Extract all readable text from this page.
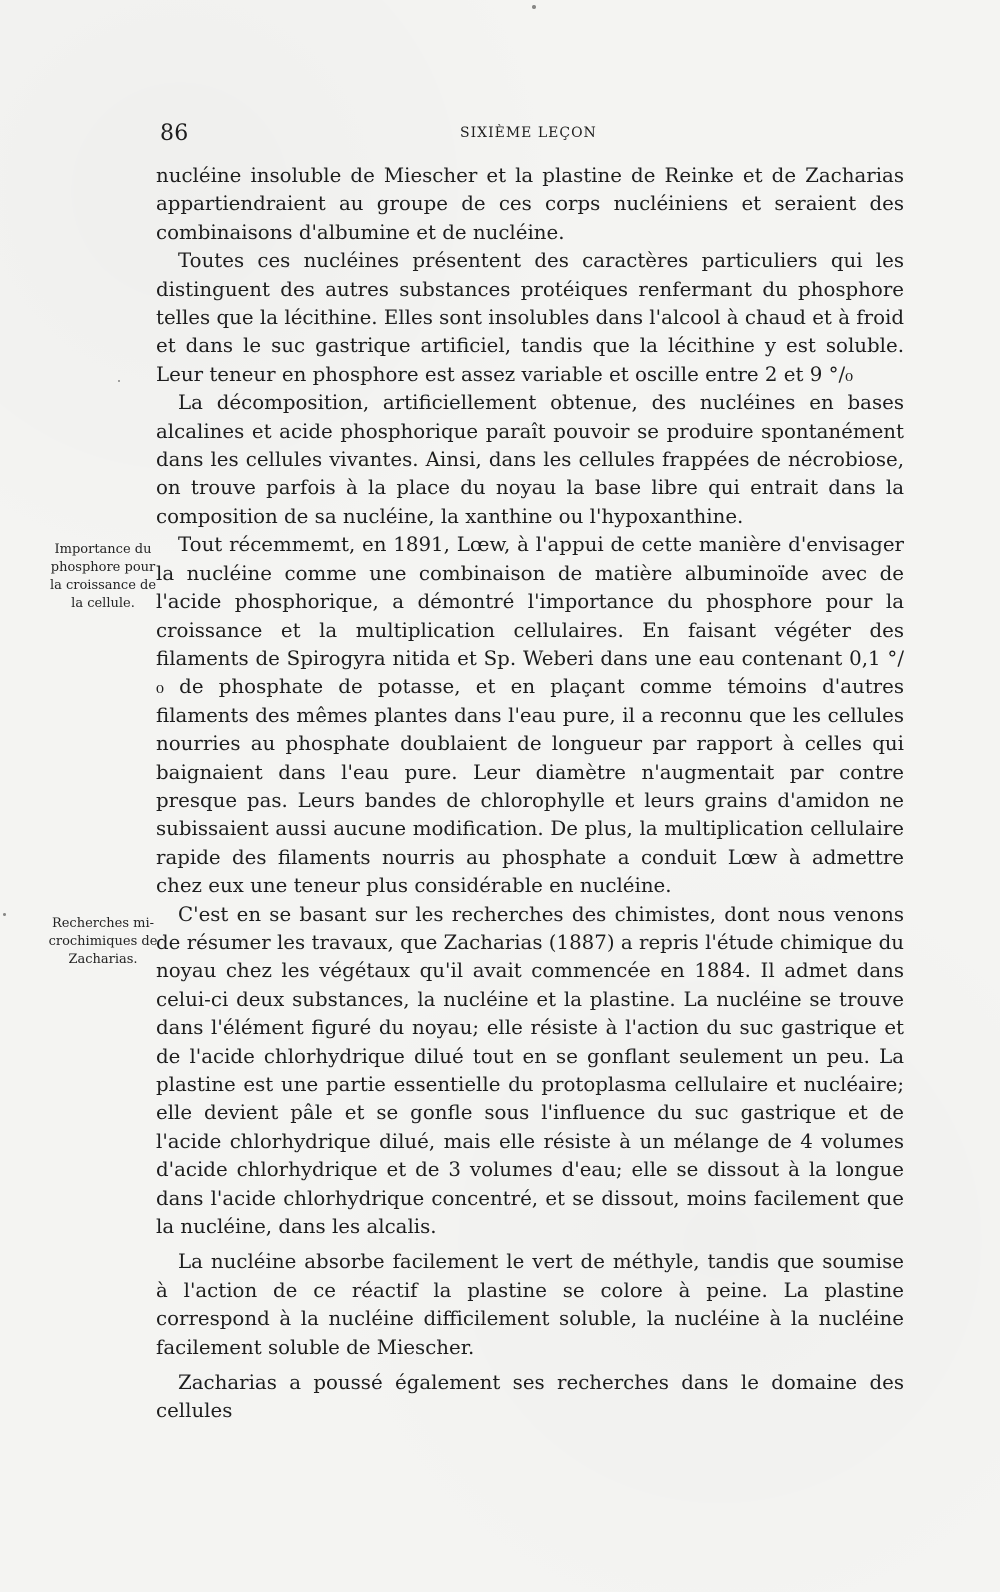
86	SIXIÈME LEÇON
Importance du phosphore pour la croissance de la cellule.
Recherches mi-crochimiques de Zacharias.

nucléine insoluble de Miescher et la plastine de Reinke et de Zacharias appartiendraient au groupe de ces corps nucléiniens et seraient des combinaisons d'albumine et de nucléine.

Toutes ces nucléines présentent des caractères particuliers qui les distinguent des autres substances protéiques renfermant du phosphore telles que la lécithine. Elles sont insolubles dans l'alcool à chaud et à froid et dans le suc gastrique artificiel, tandis que la lécithine y est soluble. Leur teneur en phosphore est assez variable et oscille entre 2 et 9 °/₀

La décomposition, artificiellement obtenue, des nucléines en bases alcalines et acide phosphorique paraît pouvoir se produire spontanément dans les cellules vivantes. Ainsi, dans les cellules frappées de nécrobiose, on trouve parfois à la place du noyau la base libre qui entrait dans la composition de sa nucléine, la xanthine ou l'hypoxanthine.

Tout récemmemt, en 1891, Lœw, à l'appui de cette manière d'envisager la nucléine comme une combinaison de matière albuminoïde avec de l'acide phosphorique, a démontré l'importance du phosphore pour la croissance et la multiplication cellulaires. En faisant végéter des filaments de Spirogyra nitida et Sp. Weberi dans une eau contenant 0,1 °/₀ de phosphate de potasse, et en plaçant comme témoins d'autres filaments des mêmes plantes dans l'eau pure, il a reconnu que les cellules nourries au phosphate doublaient de longueur par rapport à celles qui baignaient dans l'eau pure. Leur diamètre n'augmentait par contre presque pas. Leurs bandes de chlorophylle et leurs grains d'amidon ne subissaient aussi aucune modification. De plus, la multiplication cellulaire rapide des filaments nourris au phosphate a conduit Lœw à admettre chez eux une teneur plus considérable en nucléine.

C'est en se basant sur les recherches des chimistes, dont nous venons de résumer les travaux, que Zacharias (1887) a repris l'étude chimique du noyau chez les végétaux qu'il avait commencée en 1884. Il admet dans celui-ci deux substances, la nucléine et la plastine. La nucléine se trouve dans l'élément figuré du noyau; elle résiste à l'action du suc gastrique et de l'acide chlorhydrique dilué tout en se gonflant seulement un peu. La plastine est une partie essentielle du protoplasma cellulaire et nucléaire; elle devient pâle et se gonfle sous l'influence du suc gastrique et de l'acide chlorhydrique dilué, mais elle résiste à un mélange de 4 volumes d'acide chlorhydrique et de 3 volumes d'eau; elle se dissout à la longue dans l'acide chlorhydrique concentré, et se dissout, moins facilement que la nucléine, dans les alcalis.

La nucléine absorbe facilement le vert de méthyle, tandis que soumise à l'action de ce réactif la plastine se colore à peine. La plastine correspond à la nucléine difficilement soluble, la nucléine à la nucléine facilement soluble de Miescher.

Zacharias a poussé également ses recherches dans le domaine des cellules
